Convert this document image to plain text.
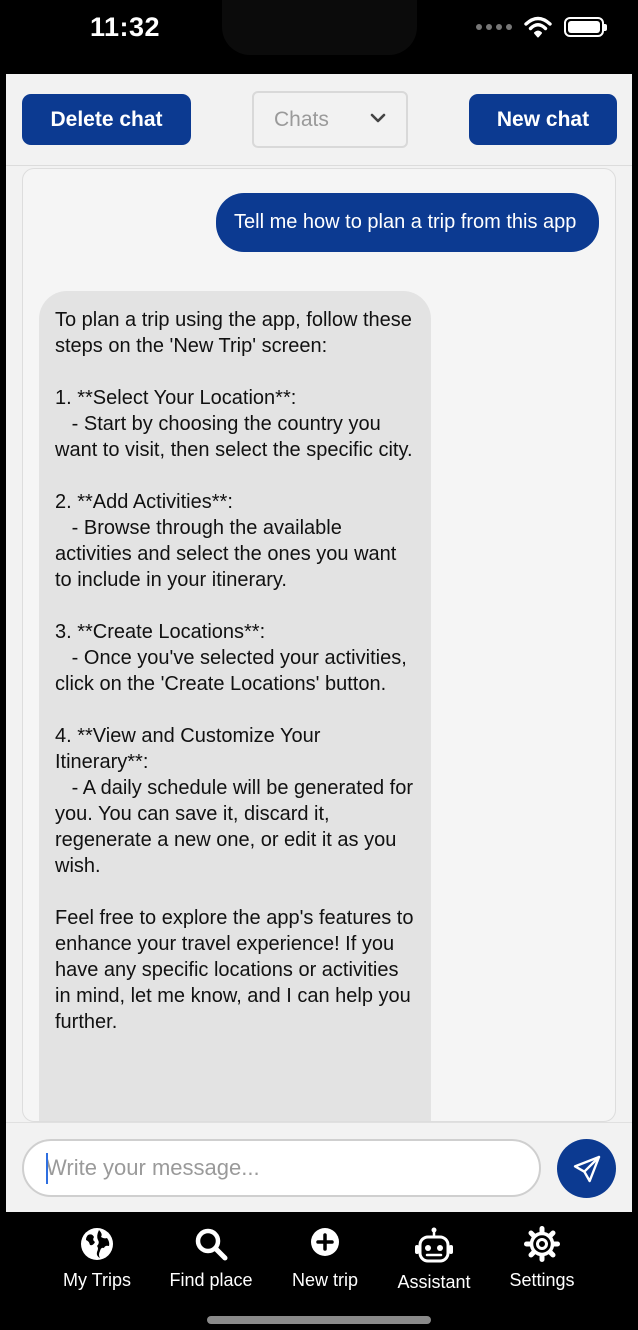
11:32
Delete chat	Chats	New chat
Tell me how to plan a trip from this app
To plan a trip using the app, follow these steps on the 'New Trip' screen:

1. **Select Your Location**:
- Start by choosing the country you want to visit, then select the specific city.

2. **Add Activities**:
- Browse through the available activities and select the ones you want to include in your itinerary.

3. **Create Locations**:
- Once you've selected your activities, click on the 'Create Locations' button.

4. **View and Customize Your Itinerary**:
- A daily schedule will be generated for you. You can save it, discard it, regenerate a new one, or edit it as you wish.

Feel free to explore the app's features to enhance your travel experience! If you have any specific locations or activities in mind, let me know, and I can help you further.
Write your message...
My Trips Find place New trip Assistant Settings
